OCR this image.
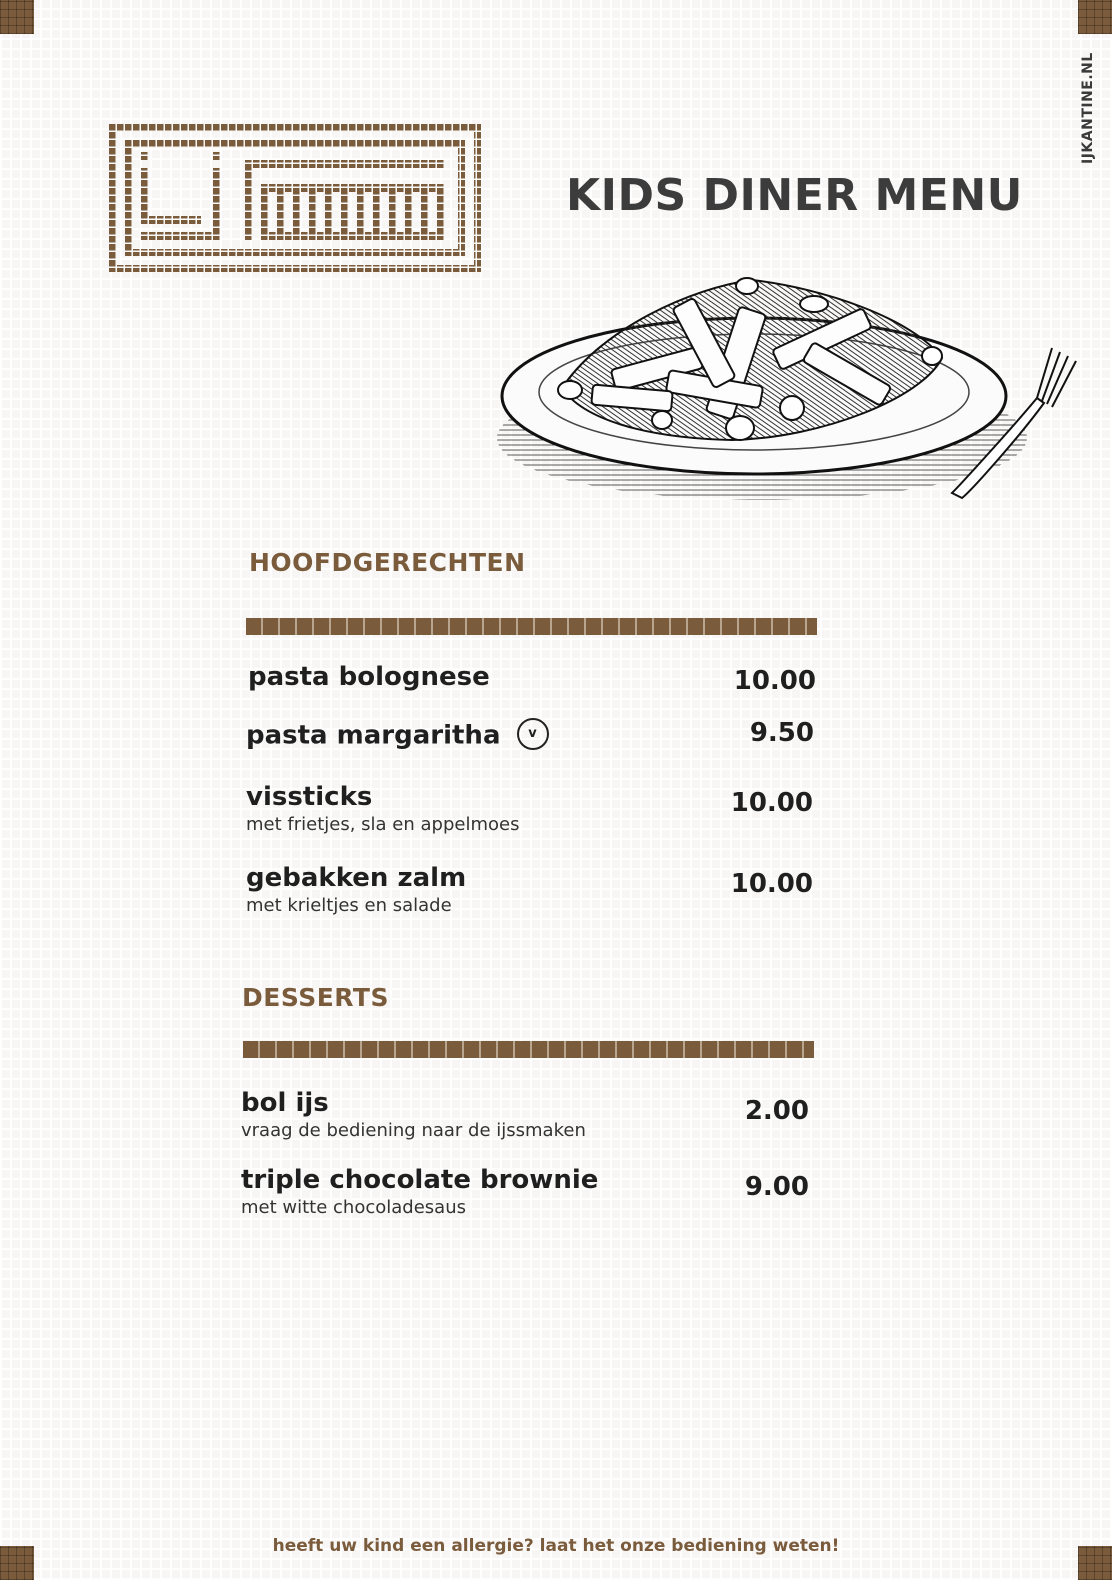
IJKANTINE.NL
KIDS DINER MENU
HOOFDGERECHTEN
pasta bolognese	10.00
pasta margaritha v	9.50
vissticks
met frietjes, sla en appelmoes
10.00
gebakken zalm
met krieltjes en salade
10.00
DESSERTS
bol ijs
vraag de bediening naar de ijssmaken
2.00
triple chocolate brownie
met witte chocoladesaus
9.00
heeft uw kind een allergie? laat het onze bediening weten!
